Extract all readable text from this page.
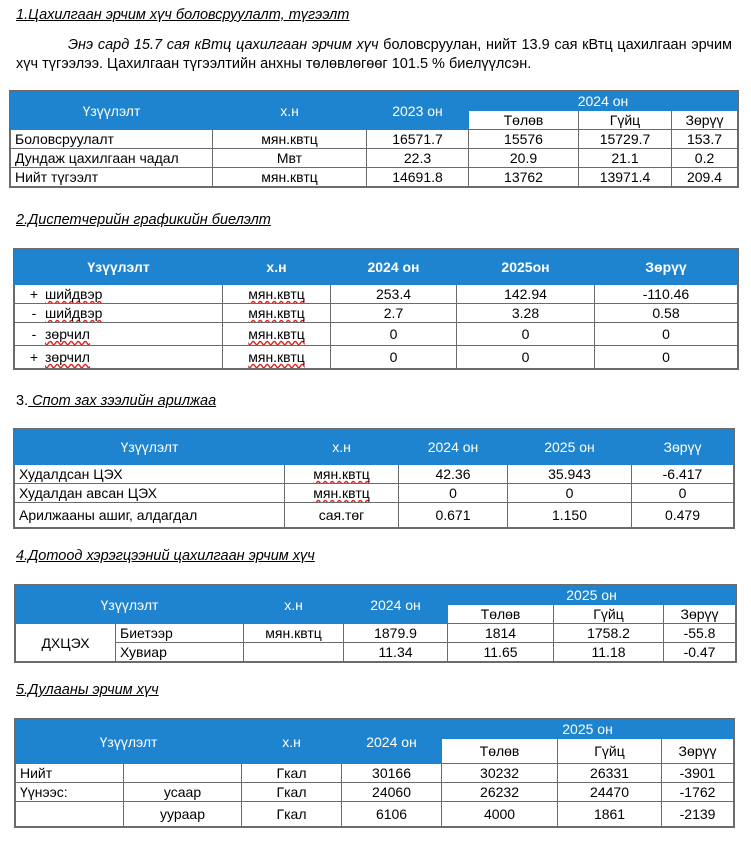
1.Цахилгаан эрчим хүч боловсруулалт, түгээлт
Энэ сард 15.7 сая кВтц цахилгаан эрчим хүч боловсруулан, нийт 13.9 сая кВтц цахилгаан эрчим хүч түгээлээ. Цахилгаан түгээлтийн анхны төлөвлөгөөг 101.5 % биелүүлсэн.
Үзүүлэлт	х.н	2023 он	2024 он		
			Төлөв	Гүйц	Зөрүү
Боловсруулалт	мян.квтц	16571.7	15576	15729.7	153.7
Дундаж цахилгаан чадал	Мвт	22.3	20.9	21.1	0.2
Нийт түгээлт	мян.квтц	14691.8	13762	13971.4	209.4
2.Диспетчерийн графикийн биелэлт
Үзүүлэлт	х.н	2024 он	2025он	Зөрүү
+ шийдвэр	мян.квтц	253.4	142.94	-110.46
- шийдвэр	мян.квтц	2.7	3.28	0.58
- зөрчил	мян.квтц	0	0	0
+ зөрчил	мян.квтц	0	0	0
3. Спот зах зээлийн арилжаа
Үзүүлэлт	х.н	2024 он	2025 он	Зөрүү
Худалдсан ЦЭХ	мян.квтц	42.36	35.943	-6.417
Худалдан авсан ЦЭХ	мян.квтц	0	0	0
Арилжааны ашиг, алдагдал	сая.төг	0.671	1.150	0.479
4.Дотоод хэрэгцээний цахилгаан эрчим хүч
Үзүүлэлт		х.н	2024 он	2025 он		
				Төлөв	Гүйц	Зөрүү
ДХЦЭХ	Биетээр	мян.квтц	1879.9	1814	1758.2	-55.8
	Хувиар		11.34	11.65	11.18	-0.47
5.Дулааны эрчим хүч
Үзүүлэлт		х.н	2024 он	2025 он		
				Төлөв	Гүйц	Зөрүү
Нийт		Гкал	30166	30232	26331	-3901
Үүнээс:	усаар	Гкал	24060	26232	24470	-1762
	уураар	Гкал	6106	4000	1861	-2139
